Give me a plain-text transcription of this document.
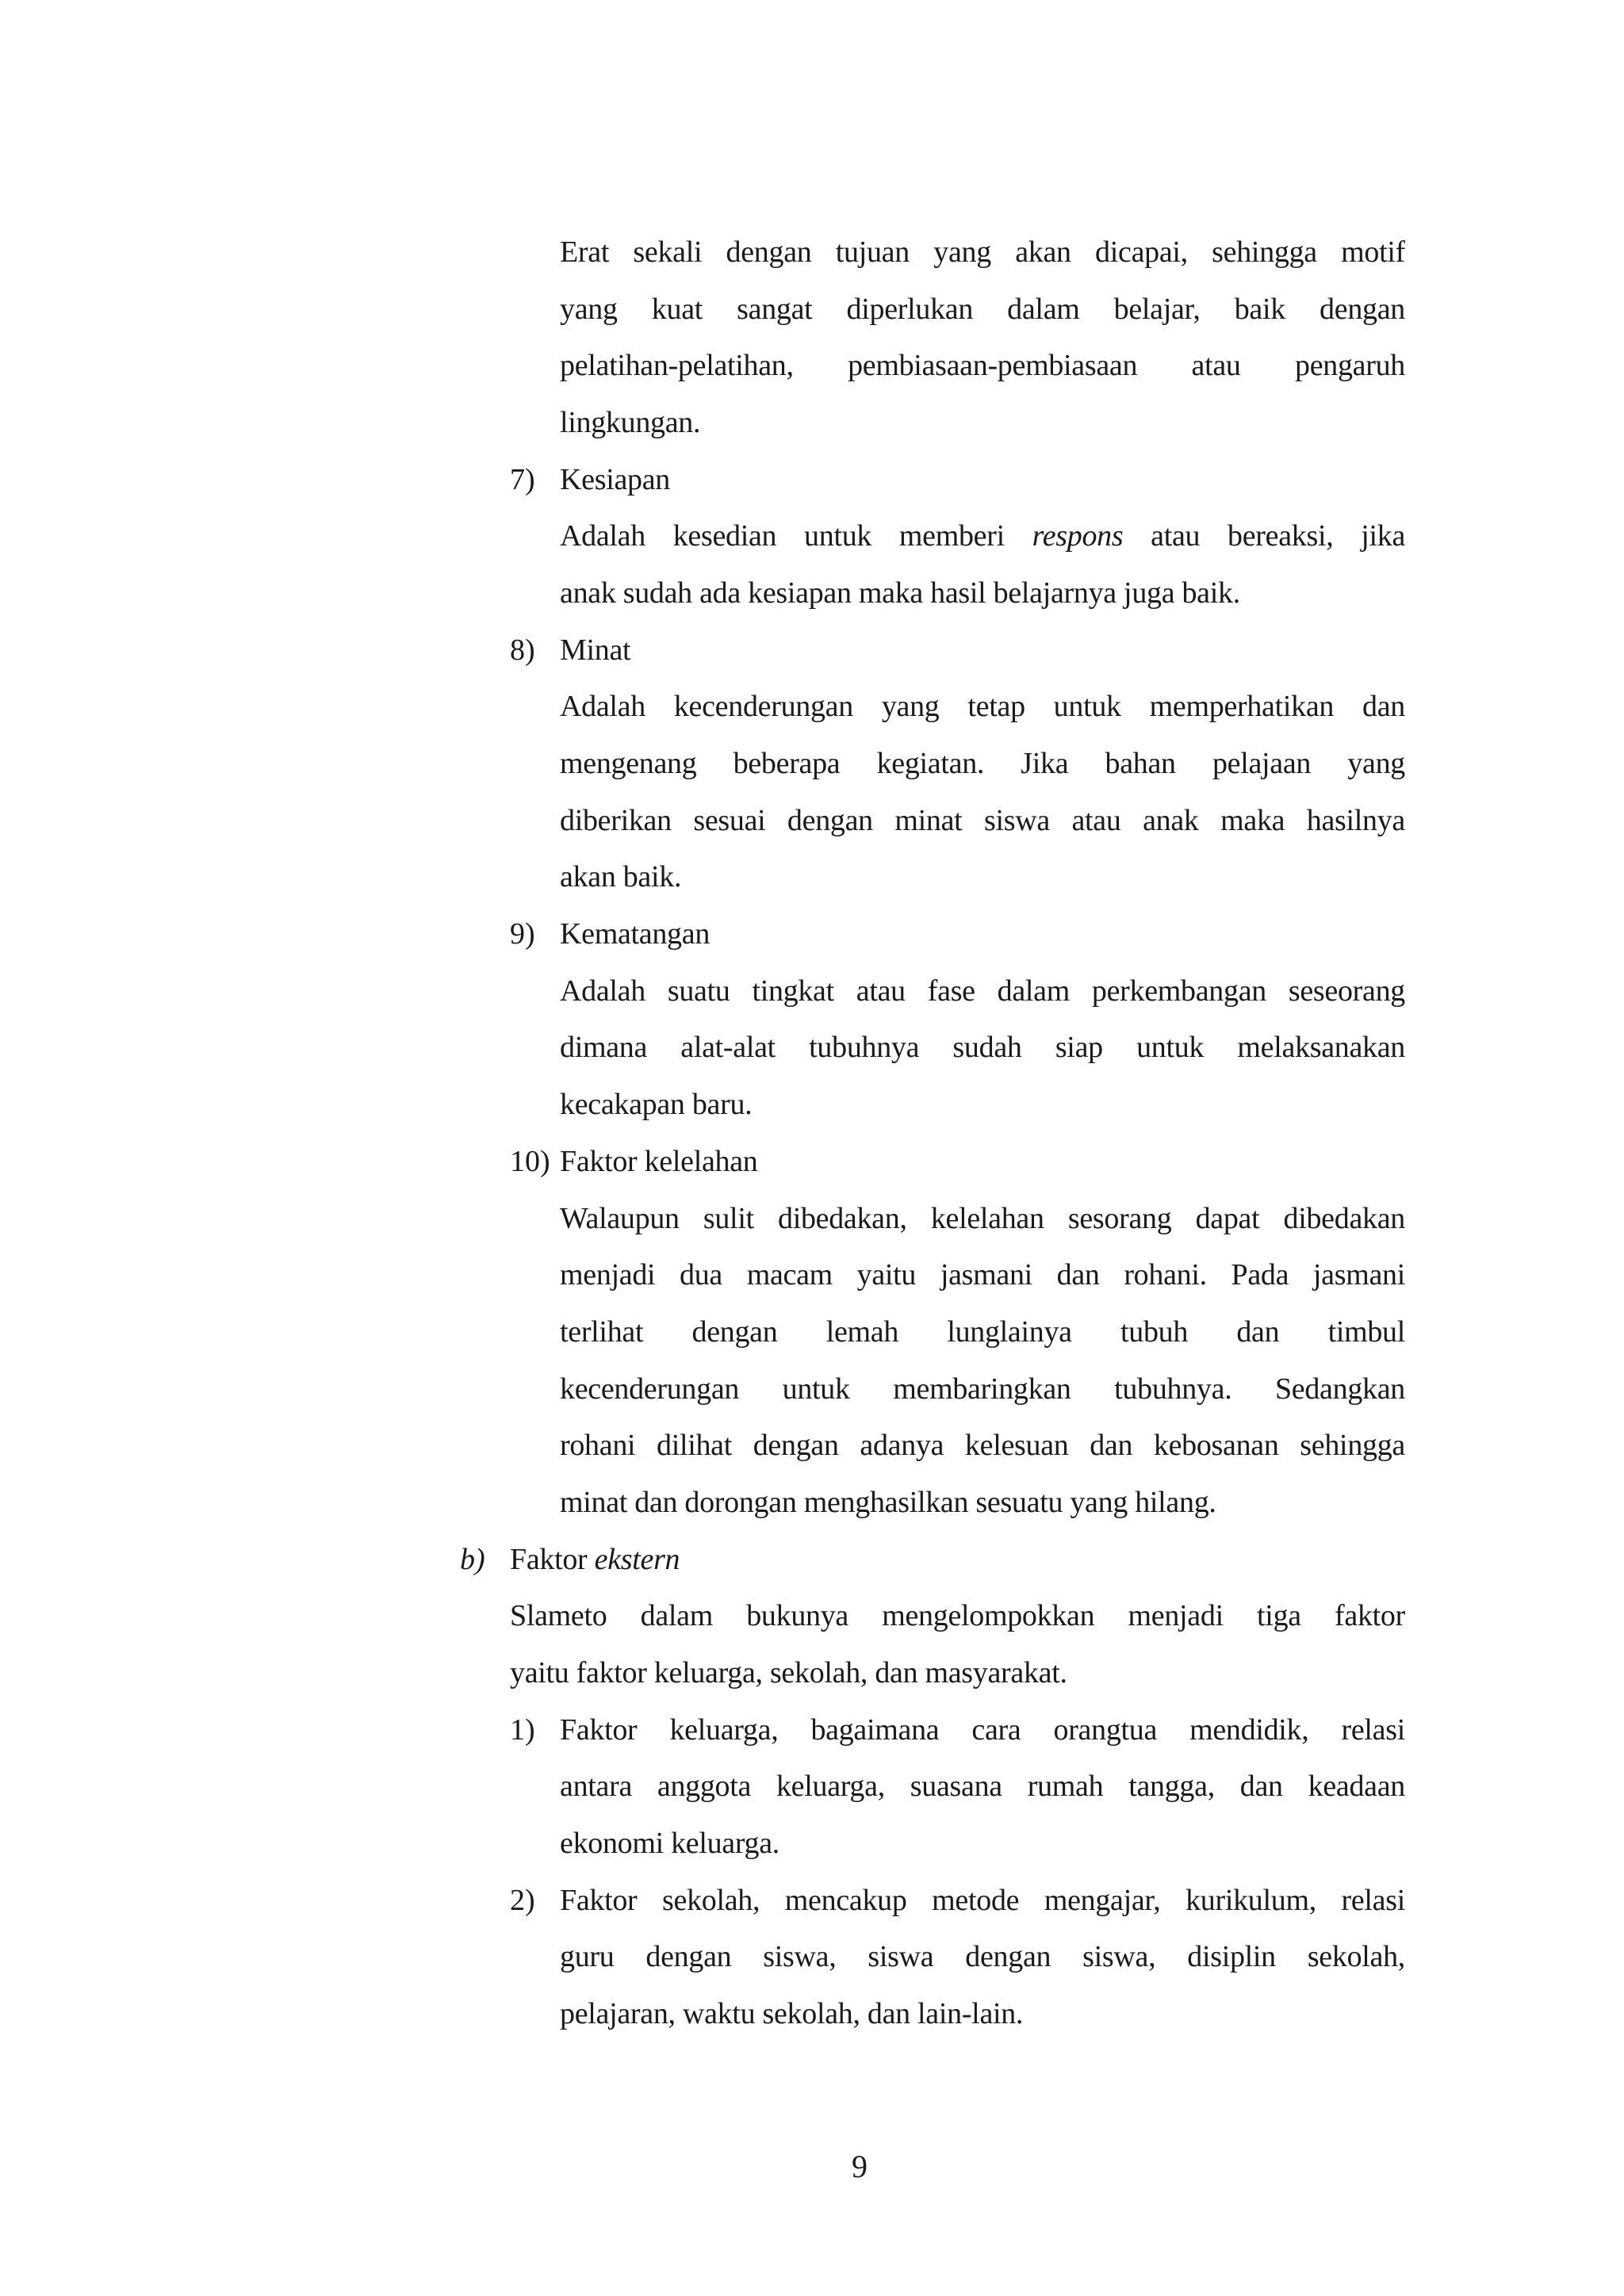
Erat sekali dengan tujuan yang akan dicapai, sehingga motif
yang kuat sangat diperlukan dalam belajar, baik dengan
pelatihan-pelatihan, pembiasaan-pembiasaan atau pengaruh
lingkungan.
7) Kesiapan
Adalah kesedian untuk memberi respons atau bereaksi, jika
anak sudah ada kesiapan maka hasil belajarnya juga baik.
8) Minat
Adalah kecenderungan yang tetap untuk memperhatikan dan
mengenang beberapa kegiatan. Jika bahan pelajaan yang
diberikan sesuai dengan minat siswa atau anak maka hasilnya
akan baik.
9) Kematangan
Adalah suatu tingkat atau fase dalam perkembangan seseorang
dimana alat-alat tubuhnya sudah siap untuk melaksanakan
kecakapan baru.
10) Faktor kelelahan
Walaupun sulit dibedakan, kelelahan sesorang dapat dibedakan
menjadi dua macam yaitu jasmani dan rohani. Pada jasmani
terlihat dengan lemah lunglainya tubuh dan timbul
kecenderungan untuk membaringkan tubuhnya. Sedangkan
rohani dilihat dengan adanya kelesuan dan kebosanan sehingga
minat dan dorongan menghasilkan sesuatu yang hilang.
b) Faktor ekstern
Slameto dalam bukunya mengelompokkan menjadi tiga faktor
yaitu faktor keluarga, sekolah, dan masyarakat.
1) Faktor keluarga, bagaimana cara orangtua mendidik, relasi
antara anggota keluarga, suasana rumah tangga, dan keadaan
ekonomi keluarga.
2) Faktor sekolah, mencakup metode mengajar, kurikulum, relasi
guru dengan siswa, siswa dengan siswa, disiplin sekolah,
pelajaran, waktu sekolah, dan lain-lain.
9
